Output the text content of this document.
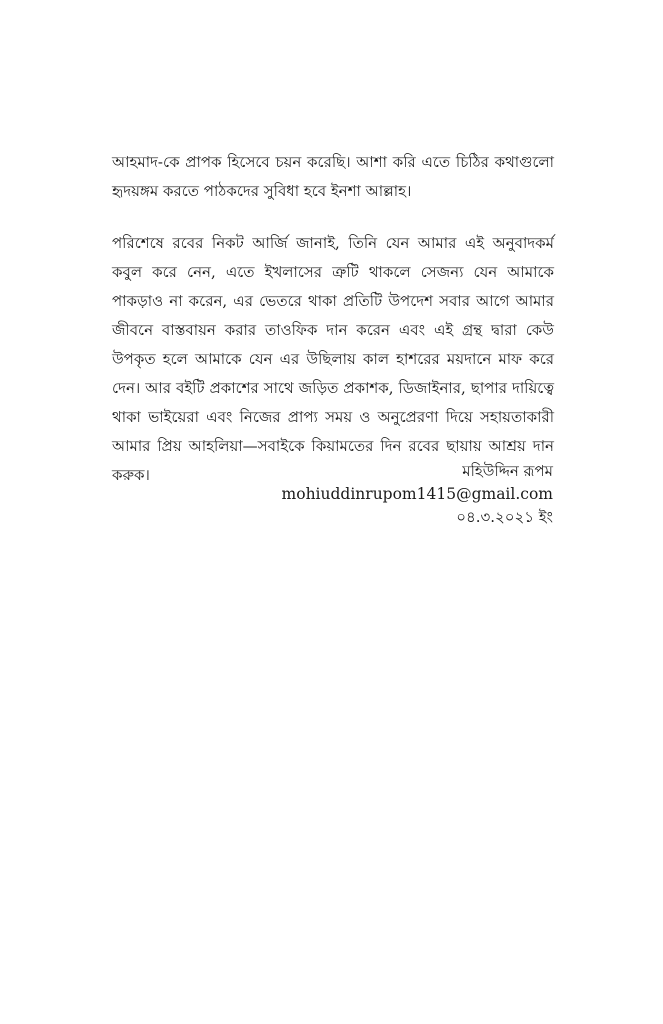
আহমাদ-কে প্রাপক হিসেবে চয়ন করেছি। আশা করি এতে চিঠির কথাগুলো হৃদয়ঙ্গম করতে পাঠকদের সুবিধা হবে ইনশা আল্লাহ।

পরিশেষে রবের নিকট আর্জি জানাই, তিনি যেন আমার এই অনুবাদকর্ম কবুল করে নেন, এতে ইখলাসের ত্রুটি থাকলে সেজন্য যেন আমাকে পাকড়াও না করেন, এর ভেতরে থাকা প্রতিটি উপদেশ সবার আগে আমার জীবনে বাস্তবায়ন করার তাওফিক দান করেন এবং এই গ্রন্থ দ্বারা কেউ উপকৃত হলে আমাকে যেন এর উছিলায় কাল হাশরের ময়দানে মাফ করে দেন। আর বইটি প্রকাশের সাথে জড়িত প্রকাশক, ডিজাইনার, ছাপার দায়িত্বে থাকা ভাইয়েরা এবং নিজের প্রাপ্য সময় ও অনুপ্রেরণা দিয়ে সহায়তাকারী আমার প্রিয় আহলিয়া—সবাইকে কিয়ামতের দিন রবের ছায়ায় আশ্রয় দান করুক।	মহিউদ্দিন রূপম
mohiuddinrupom1415@gmail.com
০৪.৩.২০২১ ইং
